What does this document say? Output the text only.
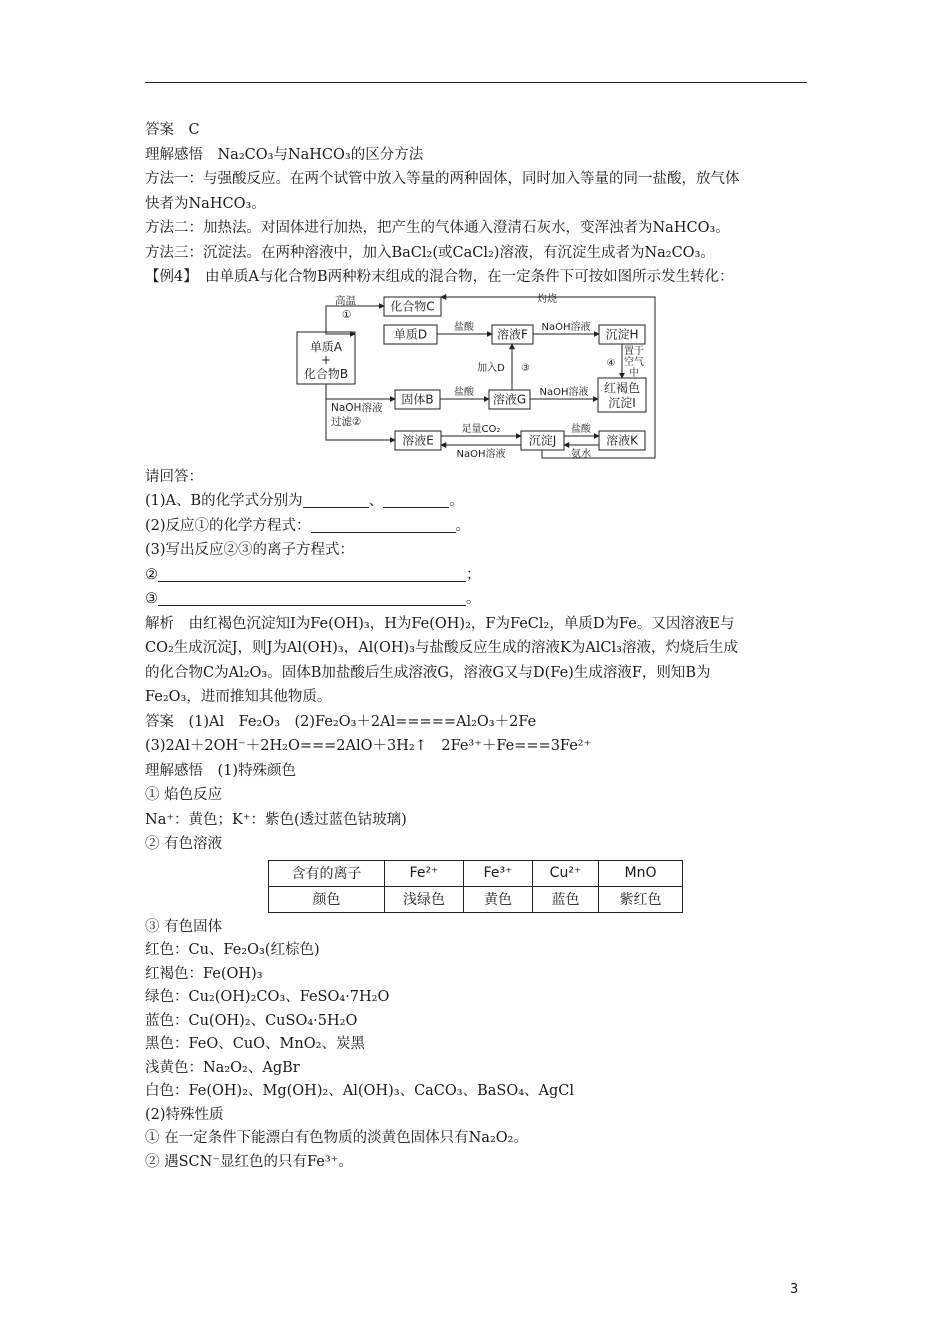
答案　C
理解感悟　Na₂CO₃与NaHCO₃的区分方法
方法一：与强酸反应。在两个试管中放入等量的两种固体，同时加入等量的同一盐酸，放气体
快者为NaHCO₃。
方法二：加热法。对固体进行加热，把产生的气体通入澄清石灰水，变浑浊者为NaHCO₃。
方法三：沉淀法。在两种溶液中，加入BaCl₂(或CaCl₂)溶液，有沉淀生成者为Na₂CO₃。
【例4】　由单质A与化合物B两种粉末组成的混合物，在一定条件下可按如图所示发生转化：
单质A
+
化合物B
高温
①
NaOH溶液
过滤②
化合物C
单质D	溶液F	沉淀H
固体B	溶液G
红褐色
沉淀I
溶液E	沉淀J	溶液K
灼烧
盐酸	NaOH溶液
盐酸	NaOH溶液
加入D ③	④
置于
空气
中
足量CO₂
NaOH溶液
盐酸
氨水
请回答：
(1)A、B的化学式分别为	、	。
(2)反应①的化学方程式：	。
(3)写出反应②③的离子方程式：
②	；
③	。
解析　由红褐色沉淀知I为Fe(OH)₃，H为Fe(OH)₂，F为FeCl₂，单质D为Fe。又因溶液E与
CO₂生成沉淀J，则J为Al(OH)₃，Al(OH)₃与盐酸反应生成的溶液K为AlCl₃溶液，灼烧后生成
的化合物C为Al₂O₃。固体B加盐酸后生成溶液G，溶液G又与D(Fe)生成溶液F，则知B为
Fe₂O₃，进而推知其他物质。
答案　(1)Al　Fe₂O₃　(2)Fe₂O₃＋2Al=====Al₂O₃＋2Fe
(3)2Al＋2OH⁻＋2H₂O===2AlO＋3H₂↑　2Fe³⁺＋Fe===3Fe²⁺
理解感悟　(1)特殊颜色
① 焰色反应
Na⁺：黄色；K⁺：紫色(透过蓝色钴玻璃)
② 有色溶液
含有的离子	Fe²⁺	Fe³⁺	Cu²⁺	MnO
颜色	浅绿色	黄色	蓝色	紫红色
③ 有色固体
红色：Cu、Fe₂O₃(红棕色)
红褐色：Fe(OH)₃
绿色：Cu₂(OH)₂CO₃、FeSO₄·7H₂O
蓝色：Cu(OH)₂、CuSO₄·5H₂O
黑色：FeO、CuO、MnO₂、炭黑
浅黄色：Na₂O₂、AgBr
白色：Fe(OH)₂、Mg(OH)₂、Al(OH)₃、CaCO₃、BaSO₄、AgCl
(2)特殊性质
① 在一定条件下能漂白有色物质的淡黄色固体只有Na₂O₂。
② 遇SCN⁻显红色的只有Fe³⁺。
3
